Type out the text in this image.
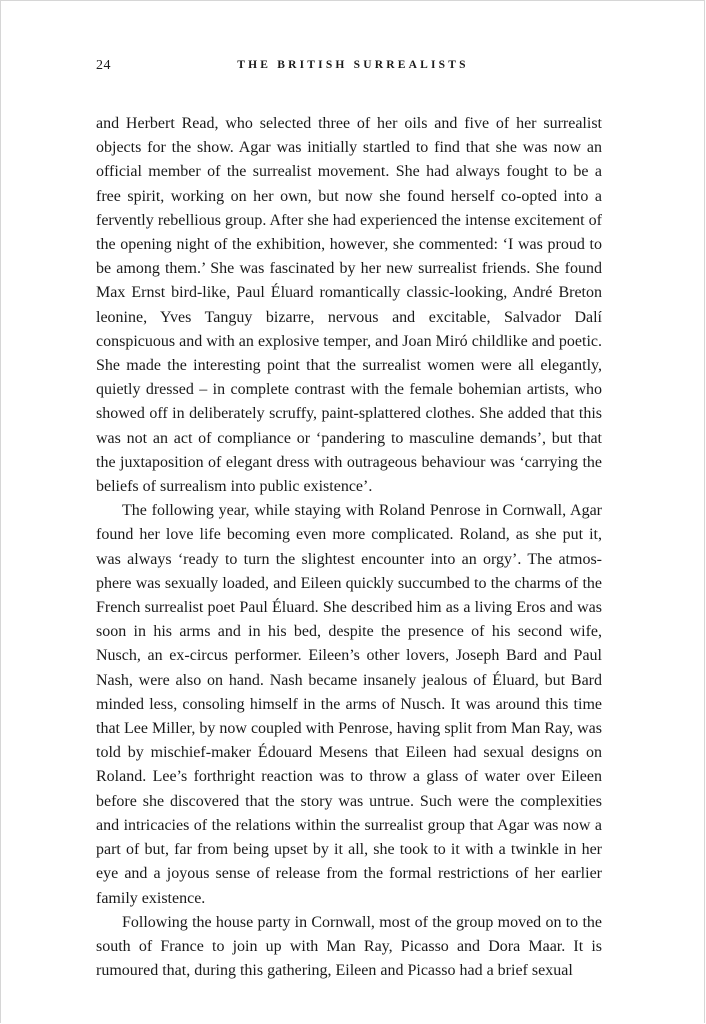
24	THE BRITISH SURREALISTS

and Herbert Read, who selected three of her oils and five of her surrealist objects for the show. Agar was initially startled to find that she was now an official member of the surrealist movement. She had always fought to be a free spirit, working on her own, but now she found herself co-opted into a fervently rebellious group. After she had experienced the intense excitement of the opening night of the exhibition, however, she commented: ‘I was proud to be among them.’ She was fascinated by her new surrealist friends. She found Max Ernst bird-like, Paul Éluard romantically classic-looking, André Breton leonine, Yves Tanguy bizarre, nervous and excitable, Salvador Dalí conspicuous and with an explosive temper, and Joan Miró childlike and poetic. She made the interesting point that the surrealist women were all elegantly, quietly dressed – in complete contrast with the female bohemian artists, who showed off in deliberately scruffy, paint-splattered clothes. She added that this was not an act of compliance or ‘pandering to masculine demands’, but that the juxtaposition of elegant dress with outrageous behaviour was ‘carrying the beliefs of surrealism into public existence’.

The following year, while staying with Roland Penrose in Cornwall, Agar found her love life becoming even more complicated. Roland, as she put it, was always ‘ready to turn the slightest encounter into an orgy’. The atmosphere was sexually loaded, and Eileen quickly succumbed to the charms of the French surrealist poet Paul Éluard. She described him as a living Eros and was soon in his arms and in his bed, despite the presence of his second wife, Nusch, an ex-circus performer. Eileen’s other lovers, Joseph Bard and Paul Nash, were also on hand. Nash became insanely jealous of Éluard, but Bard minded less, consoling himself in the arms of Nusch. It was around this time that Lee Miller, by now coupled with Penrose, having split from Man Ray, was told by mischief-maker Édouard Mesens that Eileen had sexual designs on Roland. Lee’s forthright reaction was to throw a glass of water over Eileen before she discovered that the story was untrue. Such were the complexities and intricacies of the relations within the surrealist group that Agar was now a part of but, far from being upset by it all, she took to it with a twinkle in her eye and a joyous sense of release from the formal restrictions of her earlier family existence.

Following the house party in Cornwall, most of the group moved on to the south of France to join up with Man Ray, Picasso and Dora Maar. It is rumoured that, during this gathering, Eileen and Picasso had a brief sexual
